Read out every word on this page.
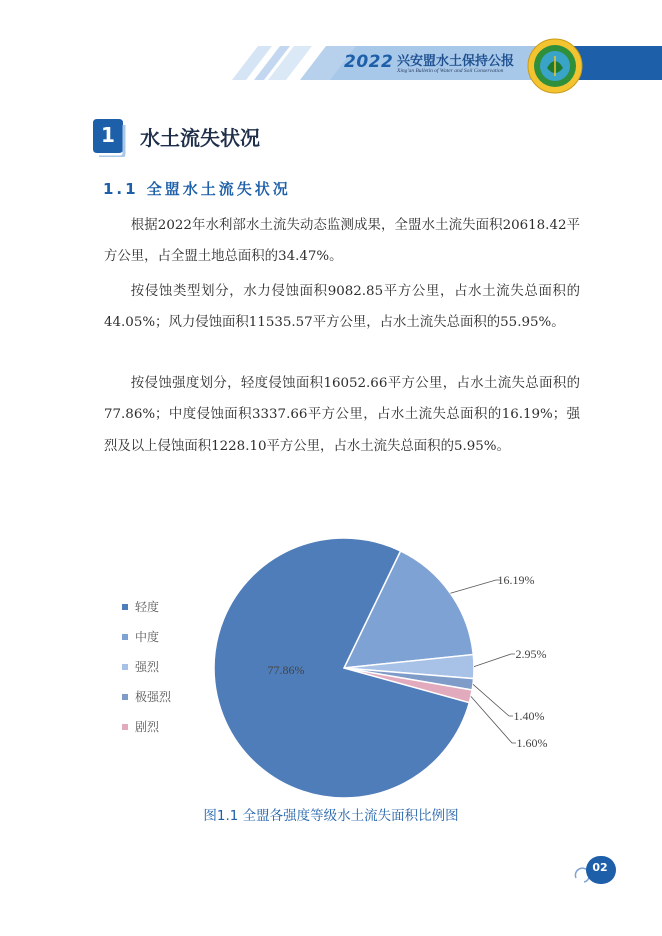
2022 兴安盟水土保持公报
Xing'an Bulletin of Water and Soil Conservation
1	水土流失状况
1.1 全盟水土流失状况

根据2022年水利部水土流失动态监测成果，全盟水土流失面积20618.42平方公里，占全盟土地总面积的34.47%。

按侵蚀类型划分，水力侵蚀面积9082.85平方公里，占水土流失总面积的44.05%；风力侵蚀面积11535.57平方公里，占水土流失总面积的55.95%。

按侵蚀强度划分，轻度侵蚀面积16052.66平方公里，占水土流失总面积的77.86%；中度侵蚀面积3337.66平方公里，占水土流失总面积的16.19%；强烈及以上侵蚀面积1228.10平方公里，占水土流失总面积的5.95%。

77.86%
16.19%
2.95%
1.40%
1.60%
轻度
中度
强烈
极强烈
剧烈
图1.1 全盟各强度等级水土流失面积比例图
02
